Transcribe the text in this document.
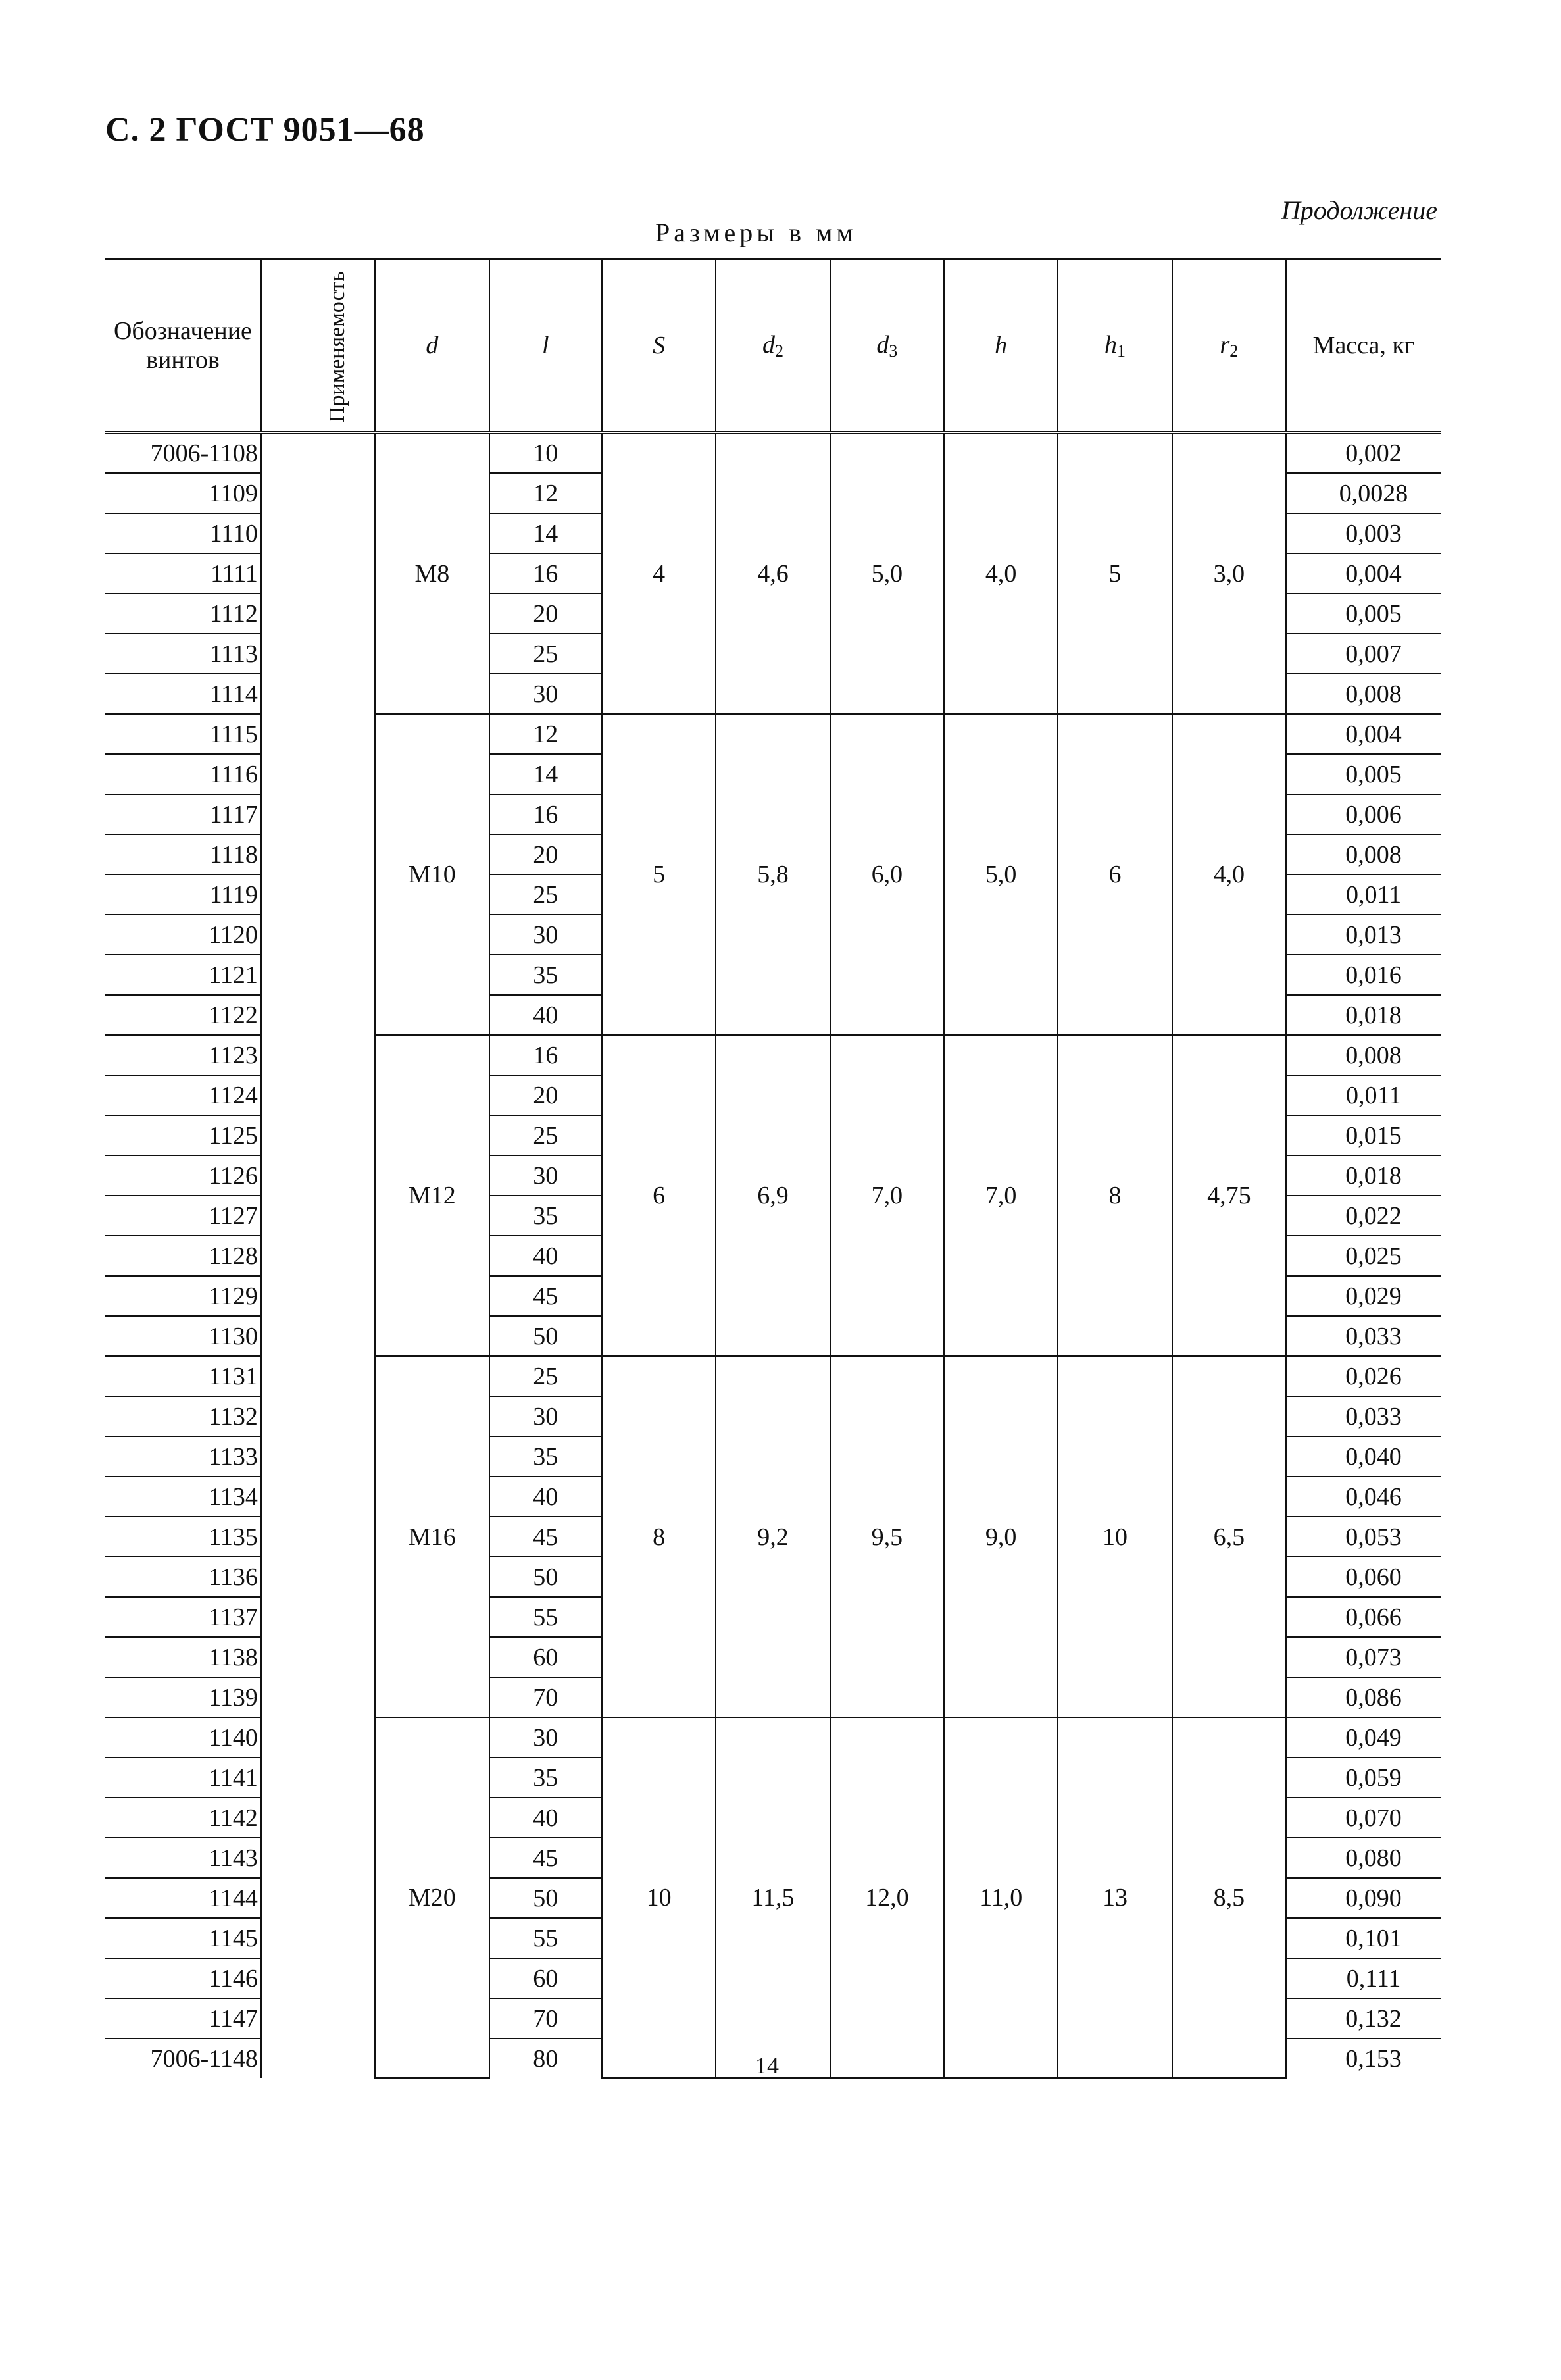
С. 2 ГОСТ 9051—68
Продолжение
Размеры в мм
Обозначение винтов	Применяемость	d	l	S	$d_2$	$d_3$	h	$h_1$	$r_2$	Масса, кг
7006-1108		M8	10	4	4,6	5,0	4,0	5	3,0	0,002
1109			12							0,0028
1110			14							0,003
1111			16							0,004
1112			20							0,005
1113			25							0,007
1114			30							0,008
1115		M10	12	5	5,8	6,0	5,0	6	4,0	0,004
1116			14							0,005
1117			16							0,006
1118			20							0,008
1119			25							0,011
1120			30							0,013
1121			35							0,016
1122			40							0,018
1123		M12	16	6	6,9	7,0	7,0	8	4,75	0,008
1124			20							0,011
1125			25							0,015
1126			30							0,018
1127			35							0,022
1128			40							0,025
1129			45							0,029
1130			50							0,033
1131		M16	25	8	9,2	9,5	9,0	10	6,5	0,026
1132			30							0,033
1133			35							0,040
1134			40							0,046
1135			45							0,053
1136			50							0,060
1137			55							0,066
1138			60							0,073
1139			70							0,086
1140		M20	30	10	11,5	12,0	11,0	13	8,5	0,049
1141			35							0,059
1142			40							0,070
1143			45							0,080
1144			50							0,090
1145			55							0,101
1146			60							0,111
1147			70							0,132
7006-1148			80							0,153
14
